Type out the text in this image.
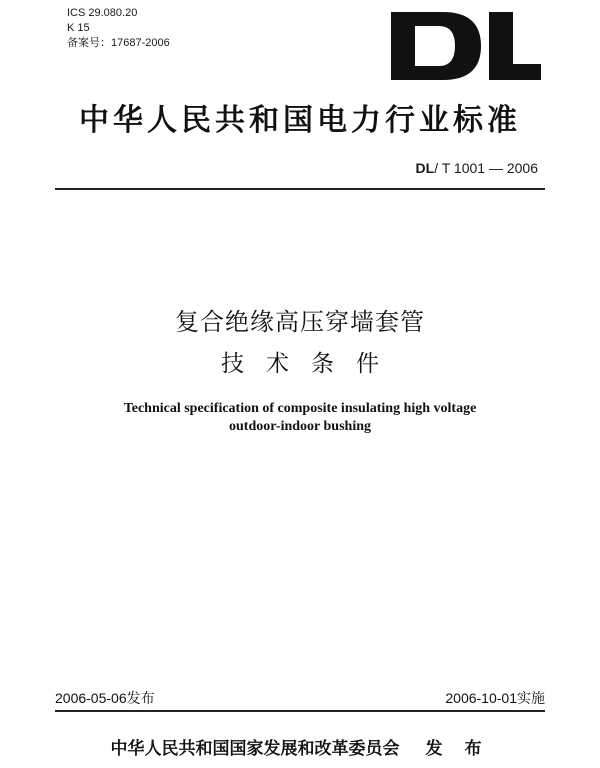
ICS 29.080.20
K 15
备案号：17687-2006
中华人民共和国电力行业标准
DL/ T 1001 — 2006
复合绝缘高压穿墙套管
技术条件
Technical specification of composite insulating high voltage
outdoor-indoor bushing
2006-05-06发布	2006-10-01实施
中华人民共和国国家发展和改革委员会 发 布
